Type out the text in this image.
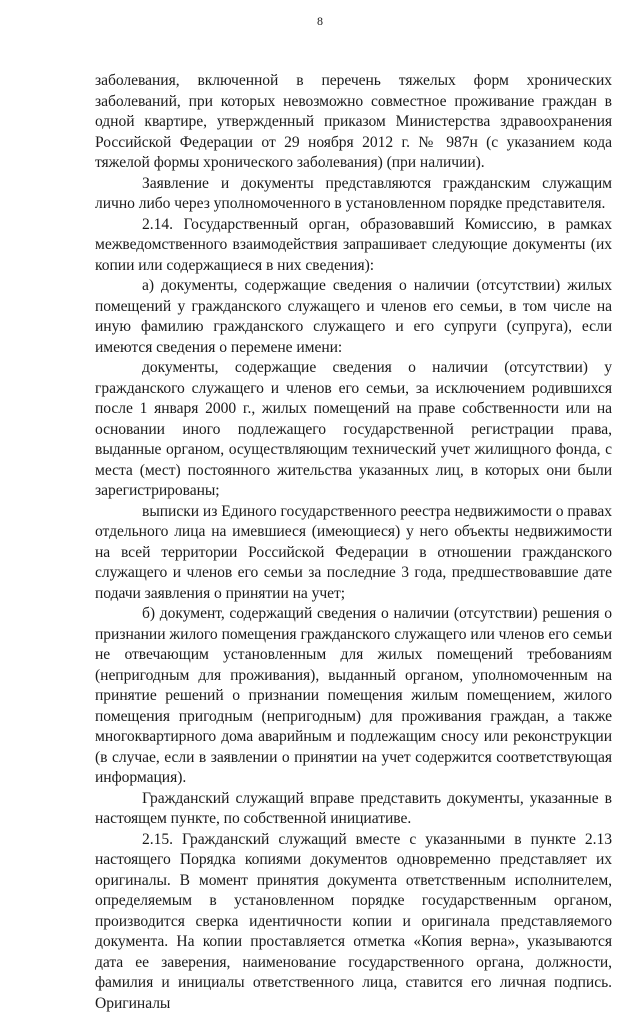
8

заболевания, включенной в перечень тяжелых форм хронических заболеваний, при которых невозможно совместное проживание граждан в одной квартире, утвержденный приказом Министерства здравоохранения Российской Федерации от 29 ноября 2012 г. № 987н (с указанием кода тяжелой формы хронического заболевания) (при наличии).

Заявление и документы представляются гражданским служащим лично либо через уполномоченного в установленном порядке представителя.

2.14. Государственный орган, образовавший Комиссию, в рамках межведомственного взаимодействия запрашивает следующие документы (их копии или содержащиеся в них сведения):

а) документы, содержащие сведения о наличии (отсутствии) жилых помещений у гражданского служащего и членов его семьи, в том числе на иную фамилию гражданского служащего и его супруги (супруга), если имеются сведения о перемене имени:

документы, содержащие сведения о наличии (отсутствии) у гражданского служащего и членов его семьи, за исключением родившихся после 1 января 2000 г., жилых помещений на праве собственности или на основании иного подлежащего государственной регистрации права, выданные органом, осуществляющим технический учет жилищного фонда, с места (мест) постоянного жительства указанных лиц, в которых они были зарегистрированы;

выписки из Единого государственного реестра недвижимости о правах отдельного лица на имевшиеся (имеющиеся) у него объекты недвижимости на всей территории Российской Федерации в отношении гражданского служащего и членов его семьи за последние 3 года, предшествовавшие дате подачи заявления о принятии на учет;

б) документ, содержащий сведения о наличии (отсутствии) решения о признании жилого помещения гражданского служащего или членов его семьи не отвечающим установленным для жилых помещений требованиям (непригодным для проживания), выданный органом, уполномоченным на принятие решений о признании помещения жилым помещением, жилого помещения пригодным (непригодным) для проживания граждан, а также многоквартирного дома аварийным и подлежащим сносу или реконструкции (в случае, если в заявлении о принятии на учет содержится соответствующая информация).

Гражданский служащий вправе представить документы, указанные в настоящем пункте, по собственной инициативе.

2.15. Гражданский служащий вместе с указанными в пункте 2.13 настоящего Порядка копиями документов одновременно представляет их оригиналы. В момент принятия документа ответственным исполнителем, определяемым в установленном порядке государственным органом, производится сверка идентичности копии и оригинала представляемого документа. На копии проставляется отметка «Копия верна», указываются дата ее заверения, наименование государственного органа, должности, фамилия и инициалы ответственного лица, ставится его личная подпись. Оригиналы
